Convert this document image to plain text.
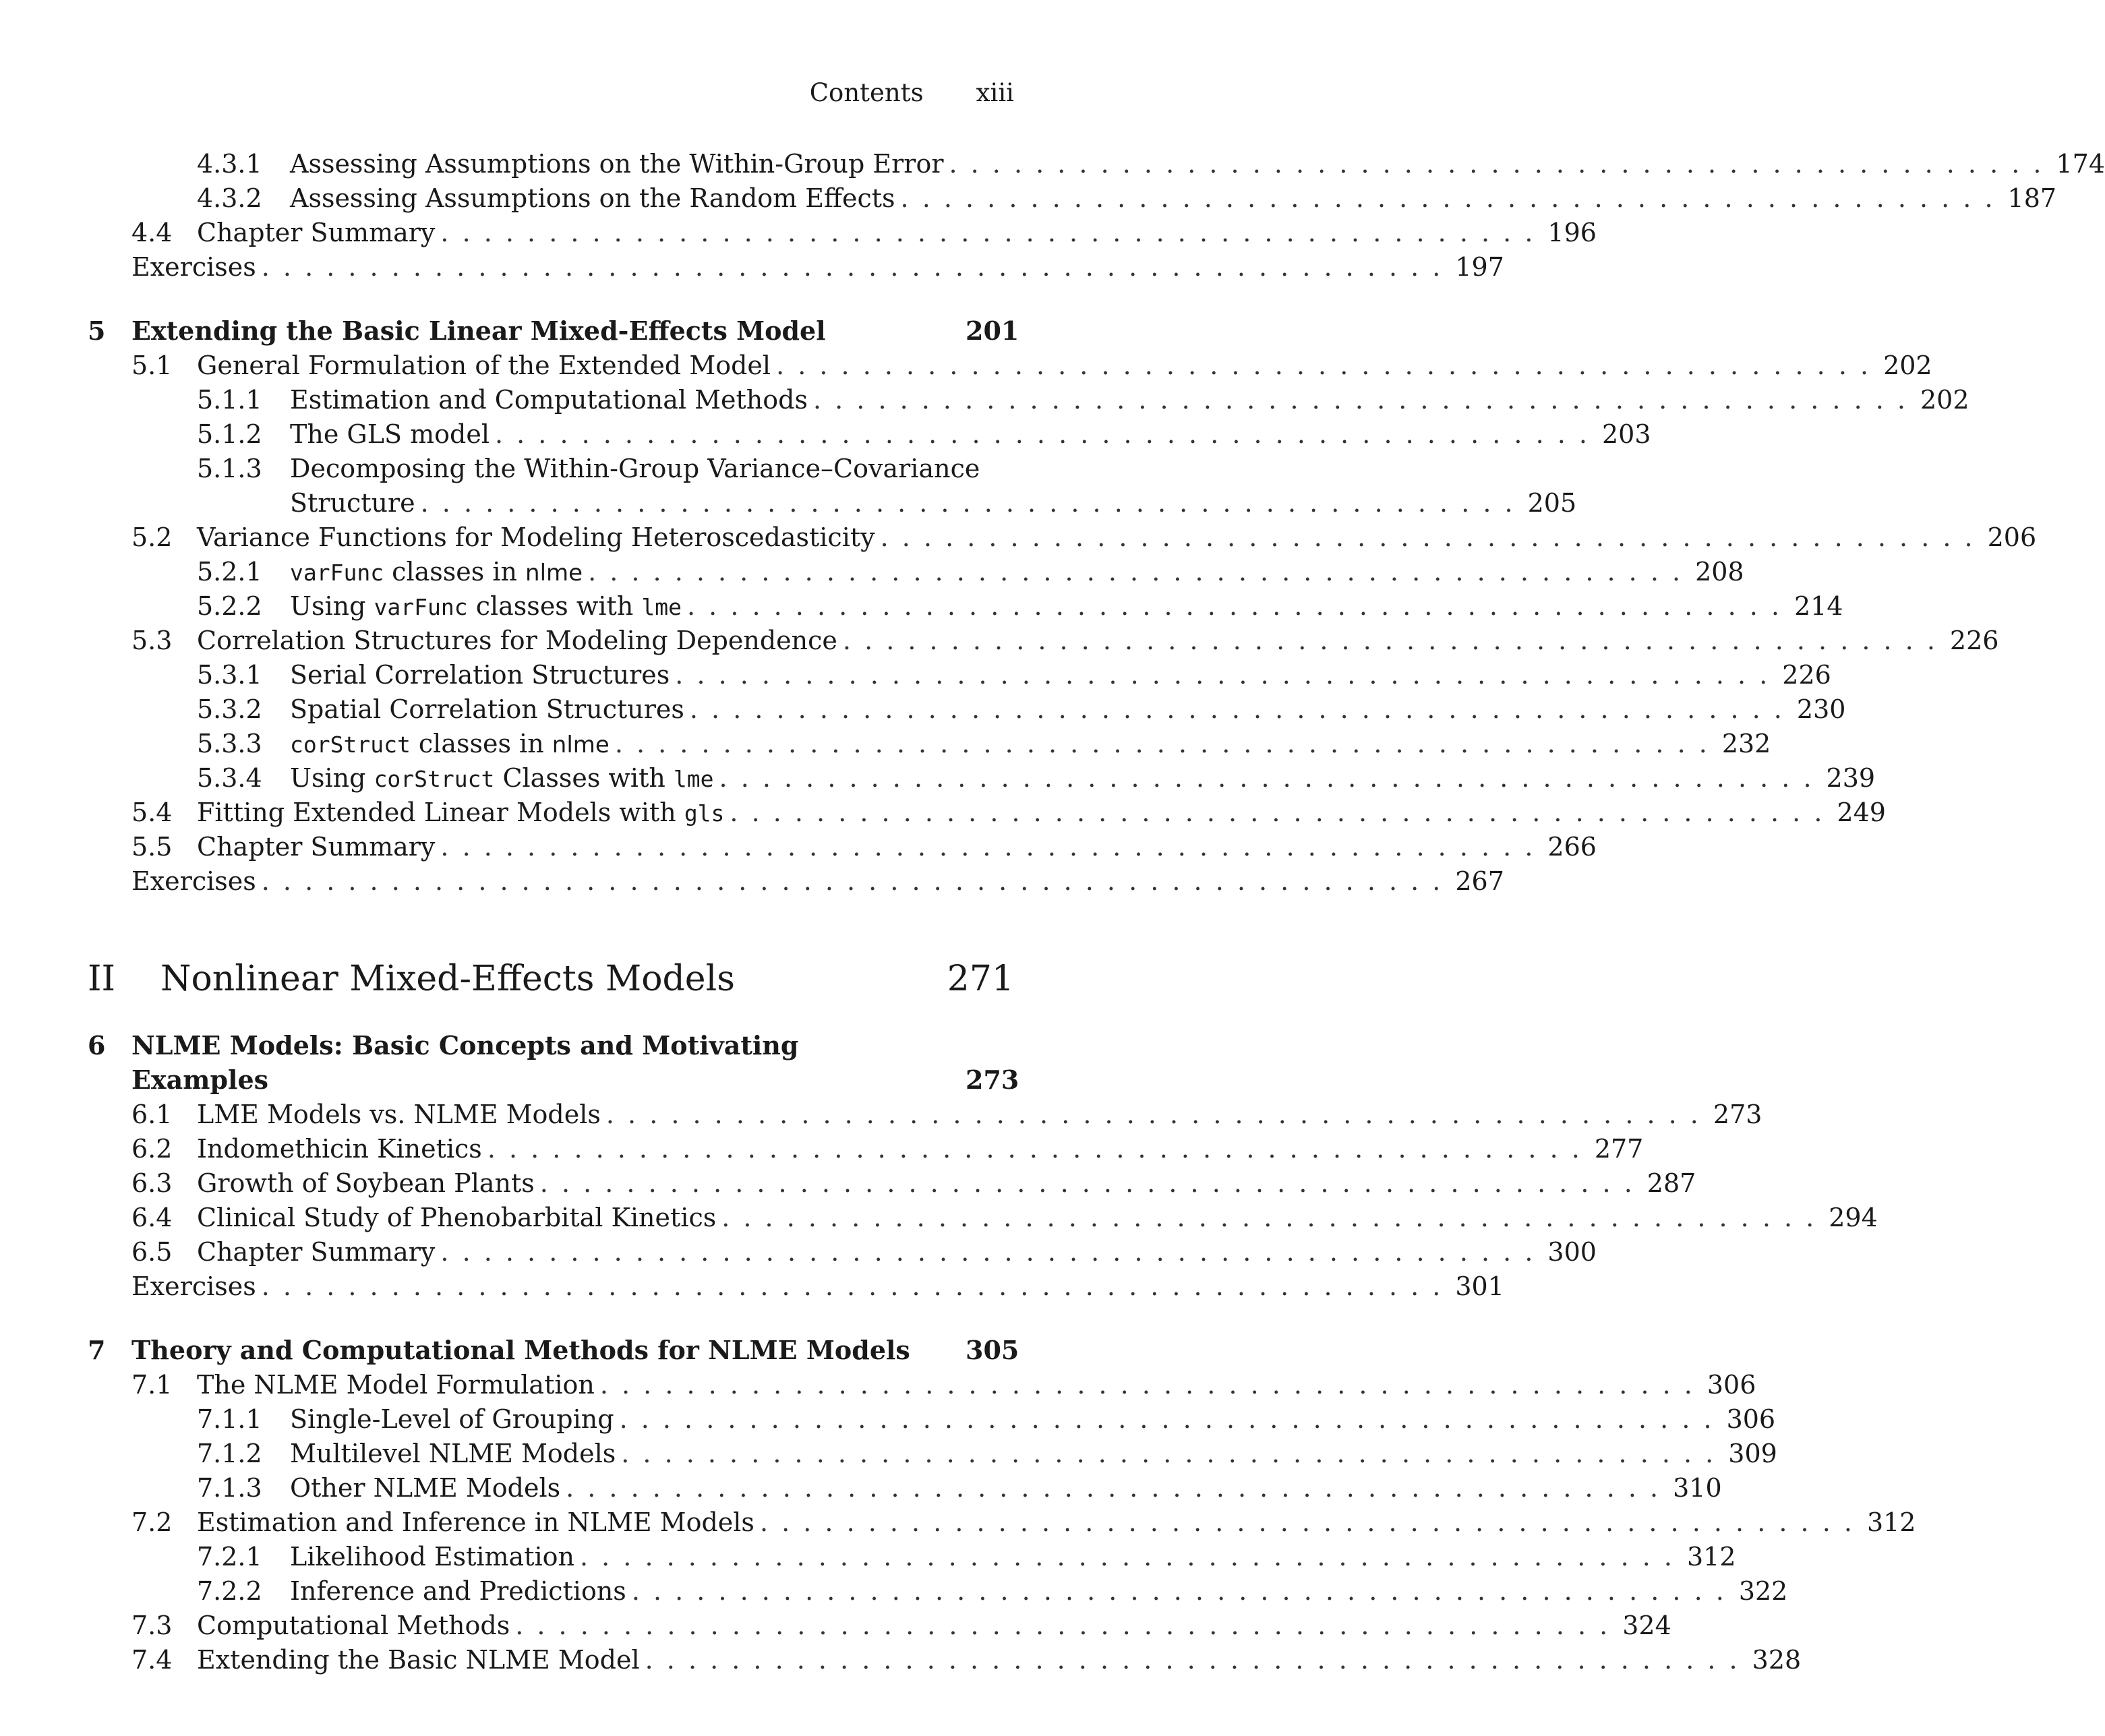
Contents xiii
4.3.1 Assessing Assumptions on the Within-Group Error . . . . . . . . . . . . . . . . . . . . . . . . . . . . . . . . . . . . . . . . . . . . . . . . . . . 174
4.3.2 Assessing Assumptions on the Random Effects . . . . . . . . . . . . . . . . . . . . . . . . . . . . . . . . . . . . . . . . . . . . . . . . . . . 187
4.4 Chapter Summary . . . . . . . . . . . . . . . . . . . . . . . . . . . . . . . . . . . . . . . . . . . . . . . . . . . 196
Exercises . . . . . . . . . . . . . . . . . . . . . . . . . . . . . . . . . . . . . . . . . . . . . . . . . . . . . . . 197
5 Extending the Basic Linear Mixed-Effects Model	201
5.1 General Formulation of the Extended Model . . . . . . . . . . . . . . . . . . . . . . . . . . . . . . . . . . . . . . . . . . . . . . . . . . . 202
5.1.1 Estimation and Computational Methods . . . . . . . . . . . . . . . . . . . . . . . . . . . . . . . . . . . . . . . . . . . . . . . . . . . 202
5.1.2 The GLS model . . . . . . . . . . . . . . . . . . . . . . . . . . . . . . . . . . . . . . . . . . . . . . . . . . . 203
5.1.3 Decomposing the Within-Group Variance–Covariance
Structure . . . . . . . . . . . . . . . . . . . . . . . . . . . . . . . . . . . . . . . . . . . . . . . . . . . 205
5.2 Variance Functions for Modeling Heteroscedasticity . . . . . . . . . . . . . . . . . . . . . . . . . . . . . . . . . . . . . . . . . . . . . . . . . . . 206
5.2.1 varFunc classes in nlme . . . . . . . . . . . . . . . . . . . . . . . . . . . . . . . . . . . . . . . . . . . . . . . . . . . 208
5.2.2 Using varFunc classes with lme . . . . . . . . . . . . . . . . . . . . . . . . . . . . . . . . . . . . . . . . . . . . . . . . . . . 214
5.3 Correlation Structures for Modeling Dependence . . . . . . . . . . . . . . . . . . . . . . . . . . . . . . . . . . . . . . . . . . . . . . . . . . . 226
5.3.1 Serial Correlation Structures . . . . . . . . . . . . . . . . . . . . . . . . . . . . . . . . . . . . . . . . . . . . . . . . . . . 226
5.3.2 Spatial Correlation Structures . . . . . . . . . . . . . . . . . . . . . . . . . . . . . . . . . . . . . . . . . . . . . . . . . . . 230
5.3.3 corStruct classes in nlme . . . . . . . . . . . . . . . . . . . . . . . . . . . . . . . . . . . . . . . . . . . . . . . . . . . 232
5.3.4 Using corStruct Classes with lme . . . . . . . . . . . . . . . . . . . . . . . . . . . . . . . . . . . . . . . . . . . . . . . . . . . 239
5.4 Fitting Extended Linear Models with gls . . . . . . . . . . . . . . . . . . . . . . . . . . . . . . . . . . . . . . . . . . . . . . . . . . . 249
5.5 Chapter Summary . . . . . . . . . . . . . . . . . . . . . . . . . . . . . . . . . . . . . . . . . . . . . . . . . . . 266
Exercises . . . . . . . . . . . . . . . . . . . . . . . . . . . . . . . . . . . . . . . . . . . . . . . . . . . . . . . 267
II Nonlinear Mixed-Effects Models	271
6 NLME Models: Basic Concepts and Motivating
Examples	273
6.1 LME Models vs. NLME Models . . . . . . . . . . . . . . . . . . . . . . . . . . . . . . . . . . . . . . . . . . . . . . . . . . . 273
6.2 Indomethicin Kinetics . . . . . . . . . . . . . . . . . . . . . . . . . . . . . . . . . . . . . . . . . . . . . . . . . . . 277
6.3 Growth of Soybean Plants . . . . . . . . . . . . . . . . . . . . . . . . . . . . . . . . . . . . . . . . . . . . . . . . . . . 287
6.4 Clinical Study of Phenobarbital Kinetics . . . . . . . . . . . . . . . . . . . . . . . . . . . . . . . . . . . . . . . . . . . . . . . . . . . 294
6.5 Chapter Summary . . . . . . . . . . . . . . . . . . . . . . . . . . . . . . . . . . . . . . . . . . . . . . . . . . . 300
Exercises . . . . . . . . . . . . . . . . . . . . . . . . . . . . . . . . . . . . . . . . . . . . . . . . . . . . . . . 301
7 Theory and Computational Methods for NLME Models 305
7.1 The NLME Model Formulation . . . . . . . . . . . . . . . . . . . . . . . . . . . . . . . . . . . . . . . . . . . . . . . . . . . 306
7.1.1 Single-Level of Grouping . . . . . . . . . . . . . . . . . . . . . . . . . . . . . . . . . . . . . . . . . . . . . . . . . . . 306
7.1.2 Multilevel NLME Models . . . . . . . . . . . . . . . . . . . . . . . . . . . . . . . . . . . . . . . . . . . . . . . . . . . 309
7.1.3 Other NLME Models . . . . . . . . . . . . . . . . . . . . . . . . . . . . . . . . . . . . . . . . . . . . . . . . . . . 310
7.2 Estimation and Inference in NLME Models . . . . . . . . . . . . . . . . . . . . . . . . . . . . . . . . . . . . . . . . . . . . . . . . . . . 312
7.2.1 Likelihood Estimation . . . . . . . . . . . . . . . . . . . . . . . . . . . . . . . . . . . . . . . . . . . . . . . . . . . 312
7.2.2 Inference and Predictions . . . . . . . . . . . . . . . . . . . . . . . . . . . . . . . . . . . . . . . . . . . . . . . . . . . 322
7.3 Computational Methods . . . . . . . . . . . . . . . . . . . . . . . . . . . . . . . . . . . . . . . . . . . . . . . . . . . 324
7.4 Extending the Basic NLME Model . . . . . . . . . . . . . . . . . . . . . . . . . . . . . . . . . . . . . . . . . . . . . . . . . . . 328
